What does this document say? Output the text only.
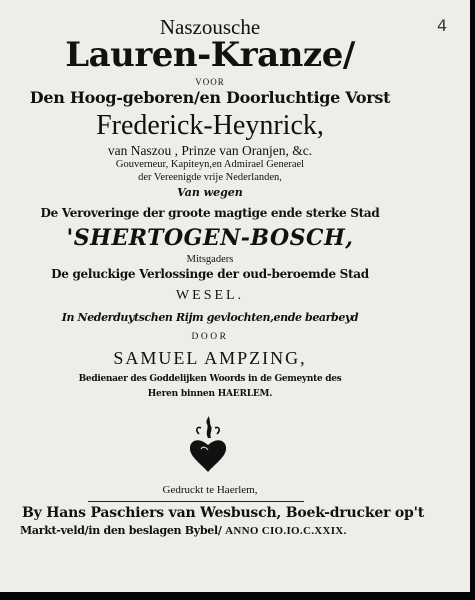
4
Naszousche
Lauren-Kranze/
VOOR
Den Hoog-geboren/en Doorluchtige Vorst
Frederick-Heynrick,
van Naszou , Prinze van Oranjen, &c.
Gouverneur, Kapiteyn,en Admirael Generael
der Vereenigde vrije Nederlanden,
Van wegen
De Veroveringe der groote magtige ende sterke Stad
'SHERTOGEN-BOSCH,
Mitsgaders
De geluckige Verlossinge der oud-beroemde Stad
WESEL.
In Nederduytschen Rijm gevlochten,ende bearbeyd
DOOR
SAMUEL AMPZING,
Bedienaer des Goddelijken Woords in de Gemeynte des
Heren binnen HAERLEM.
Gedruckt te Haerlem,
By Hans Paschiers van Wesbusch, Boek-drucker op't
Markt-veld/in den beslagen Bybel/ ANNO CIO.IO.C.XXIX.
